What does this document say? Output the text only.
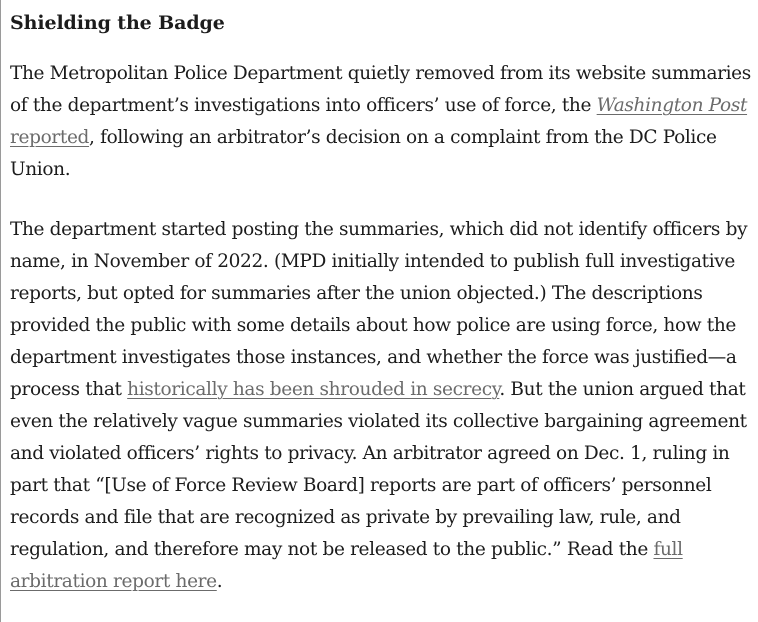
Shielding the Badge

The Metropolitan Police Department quietly removed from its website summaries of the department’s investigations into officers’ use of force, the Washington Post reported, following an arbitrator’s decision on a complaint from the DC Police Union.

The department started posting the summaries, which did not identify officers by name, in November of 2022. (MPD initially intended to publish full investigative reports, but opted for summaries after the union objected.) The descriptions provided the public with some details about how police are using force, how the department investigates those instances, and whether the force was justified—a process that historically has been shrouded in secrecy. But the union argued that even the relatively vague summaries violated its collective bargaining agreement and violated officers’ rights to privacy. An arbitrator agreed on Dec. 1, ruling in part that “[Use of Force Review Board] reports are part of officers’ personnel records and file that are recognized as private by prevailing law, rule, and regulation, and therefore may not be released to the public.” Read the full arbitration report here.
